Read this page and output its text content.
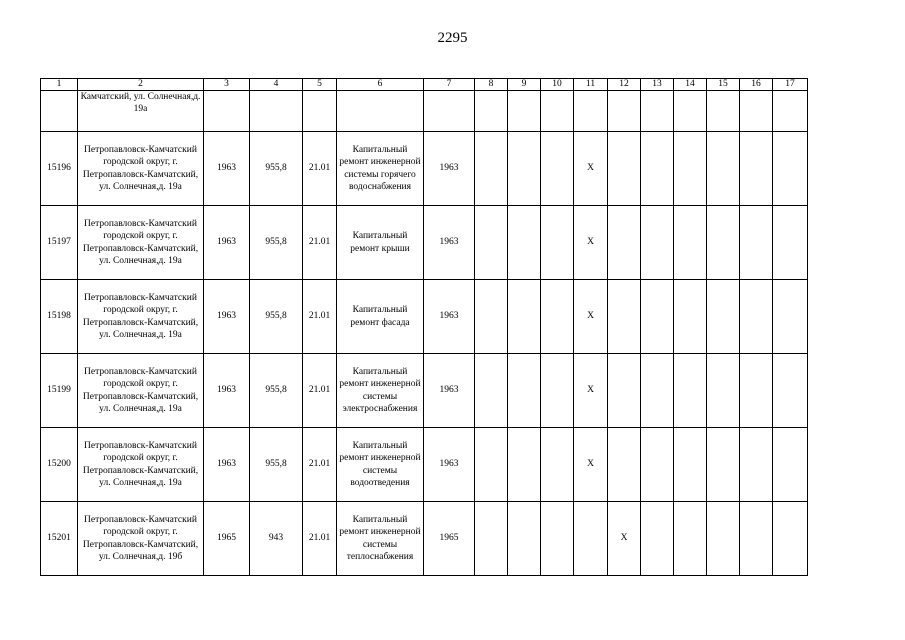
2295
1	2	3	4	5	6	7	8	9	10	11	12	13	14	15	16	17
	Камчатский, ул. Солнечная,д. 19а															
15196	Петропавловск-Камчатский городской округ, г. Петропавловск-Камчатский, ул. Солнечная,д. 19а	1963	955,8	21.01	Капитальный ремонт инженерной системы горячего водоснабжения	1963				X						
15197	Петропавловск-Камчатский городской округ, г. Петропавловск-Камчатский, ул. Солнечная,д. 19а	1963	955,8	21.01	Капитальный ремонт крыши	1963				X						
15198	Петропавловск-Камчатский городской округ, г. Петропавловск-Камчатский, ул. Солнечная,д. 19а	1963	955,8	21.01	Капитальный ремонт фасада	1963				X						
15199	Петропавловск-Камчатский городской округ, г. Петропавловск-Камчатский, ул. Солнечная,д. 19а	1963	955,8	21.01	Капитальный ремонт инженерной системы электроснабжения	1963				X						
15200	Петропавловск-Камчатский городской округ, г. Петропавловск-Камчатский, ул. Солнечная,д. 19а	1963	955,8	21.01	Капитальный ремонт инженерной системы водоотведения	1963				X						
15201	Петропавловск-Камчатский городской округ, г. Петропавловск-Камчатский, ул. Солнечная,д. 19б	1965	943	21.01	Капитальный ремонт инженерной системы теплоснабжения	1965					X					
